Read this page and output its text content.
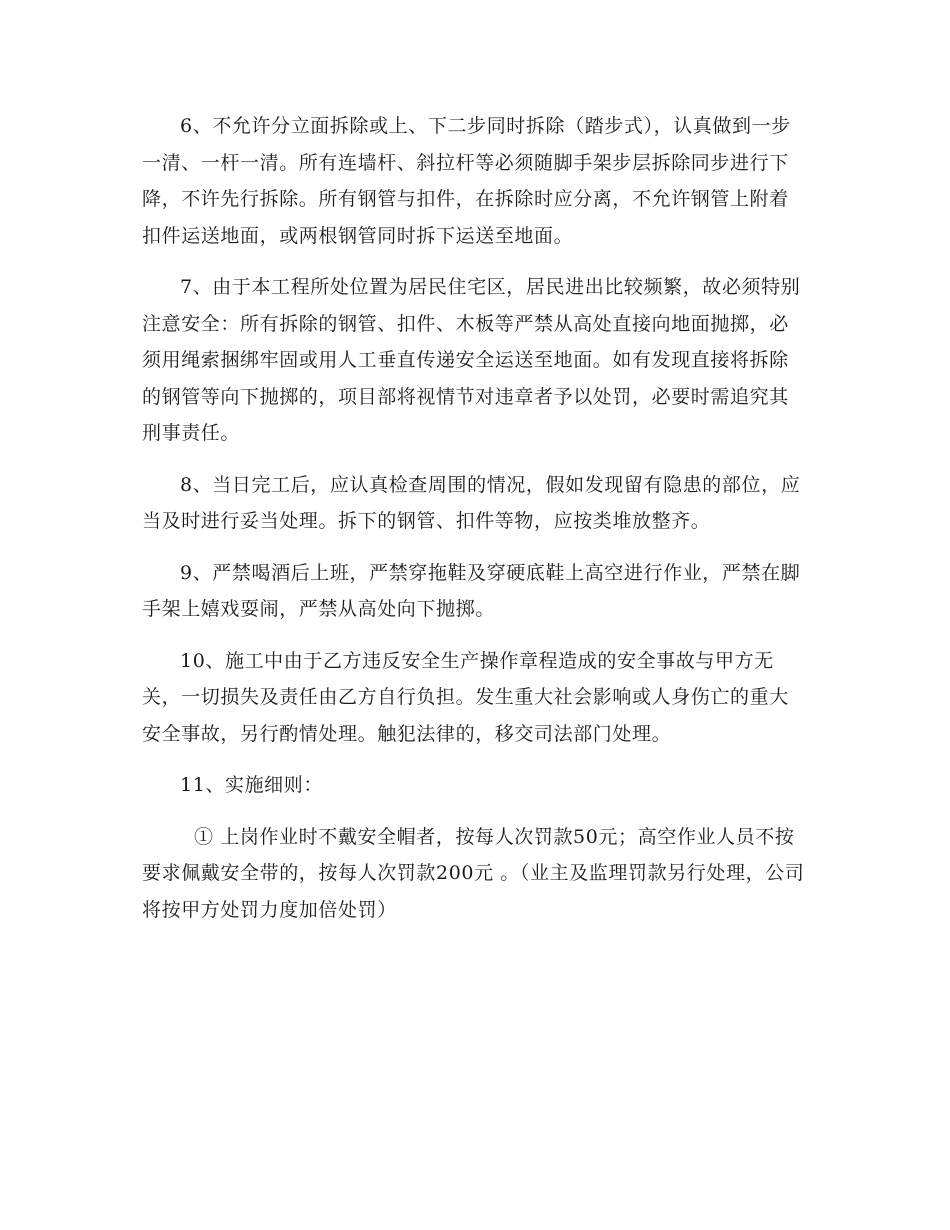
6、不允许分立面拆除或上、下二步同时拆除（踏步式），认真做到一步一清、一杆一清。所有连墙杆、斜拉杆等必须随脚手架步层拆除同步进行下降，不许先行拆除。所有钢管与扣件，在拆除时应分离，不允许钢管上附着扣件运送地面，或两根钢管同时拆下运送至地面。

7、由于本工程所处位置为居民住宅区，居民进出比较频繁，故必须特别注意安全：所有拆除的钢管、扣件、木板等严禁从高处直接向地面抛掷，必须用绳索捆绑牢固或用人工垂直传递安全运送至地面。如有发现直接将拆除的钢管等向下抛掷的，项目部将视情节对违章者予以处罚，必要时需追究其刑事责任。

8、当日完工后，应认真检查周围的情况，假如发现留有隐患的部位，应当及时进行妥当处理。拆下的钢管、扣件等物，应按类堆放整齐。

9、严禁喝酒后上班，严禁穿拖鞋及穿硬底鞋上高空进行作业，严禁在脚手架上嬉戏耍闹，严禁从高处向下抛掷。

10、施工中由于乙方违反安全生产操作章程造成的安全事故与甲方无关，一切损失及责任由乙方自行负担。发生重大社会影响或人身伤亡的重大安全事故，另行酌情处理。触犯法律的，移交司法部门处理。

11、实施细则：

① 上岗作业时不戴安全帽者，按每人次罚款50元；高空作业人员不按要求佩戴安全带的，按每人次罚款200元 。（业主及监理罚款另行处理，公司将按甲方处罚力度加倍处罚）
